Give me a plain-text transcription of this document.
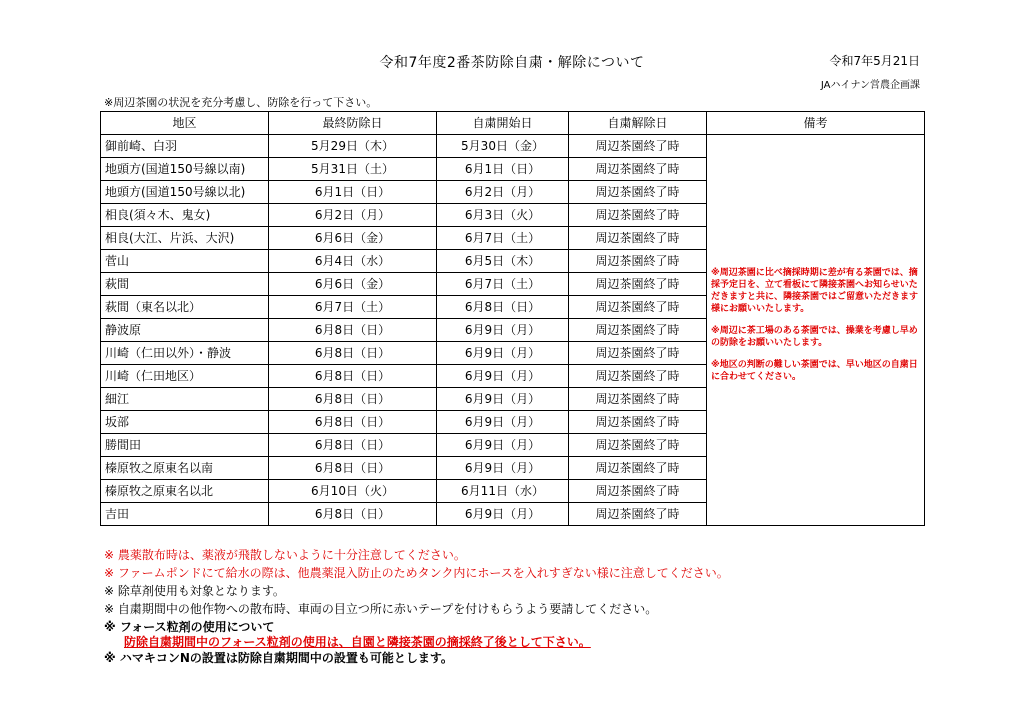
令和7年度2番茶防除自粛・解除について	令和7年5月21日
JAハイナン営農企画課
※周辺茶園の状況を充分考慮し、防除を行って下さい。
地区	最終防除日	自粛開始日	自粛解除日	備考
御前崎、白羽	5月29日（木）	5月30日（金）	周辺茶園終了時	※周辺茶園に比べ摘採時期に差が有る茶園では、摘採予定日を、立て看板にて隣接茶園へお知らせいただきますと共に、隣接茶園ではご留意いただきます様にお願いいたします。
※周辺に茶工場のある茶園では、操業を考慮し早めの防除をお願いいたします。
※地区の判断の難しい茶園では、早い地区の自粛日に合わせてください。

地頭方(国道150号線以南)	5月31日（土）	6月1日（日）	周辺茶園終了時	
地頭方(国道150号線以北)	6月1日（日）	6月2日（月）	周辺茶園終了時	
相良(須々木、鬼女)	6月2日（月）	6月3日（火）	周辺茶園終了時	
相良(大江、片浜、大沢)	6月6日（金）	6月7日（土）	周辺茶園終了時	
菅山	6月4日（水）	6月5日（木）	周辺茶園終了時	
萩間	6月6日（金）	6月7日（土）	周辺茶園終了時	
萩間（東名以北）	6月7日（土）	6月8日（日）	周辺茶園終了時	
静波原	6月8日（日）	6月9日（月）	周辺茶園終了時	
川崎（仁田以外）・静波	6月8日（日）	6月9日（月）	周辺茶園終了時	
川崎（仁田地区）	6月8日（日）	6月9日（月）	周辺茶園終了時	
細江	6月8日（日）	6月9日（月）	周辺茶園終了時	
坂部	6月8日（日）	6月9日（月）	周辺茶園終了時	
勝間田	6月8日（日）	6月9日（月）	周辺茶園終了時	
榛原牧之原東名以南	6月8日（日）	6月9日（月）	周辺茶園終了時	
榛原牧之原東名以北	6月10日（火）	6月11日（水）	周辺茶園終了時	
吉田	6月8日（日）	6月9日（月）	周辺茶園終了時	
※ 農薬散布時は、薬液が飛散しないように十分注意してください。
※ ファームポンドにて給水の際は、他農薬混入防止のためタンク内にホースを入れすぎない様に注意してください。
※ 除草剤使用も対象となります。
※ 自粛期間中の他作物への散布時、車両の目立つ所に赤いテープを付けもらうよう要請してください。
※ フォース粒剤の使用について
防除自粛期間中のフォース粒剤の使用は、自園と隣接茶園の摘採終了後として下さい。
※ ハマキコンNの設置は防除自粛期間中の設置も可能とします。
